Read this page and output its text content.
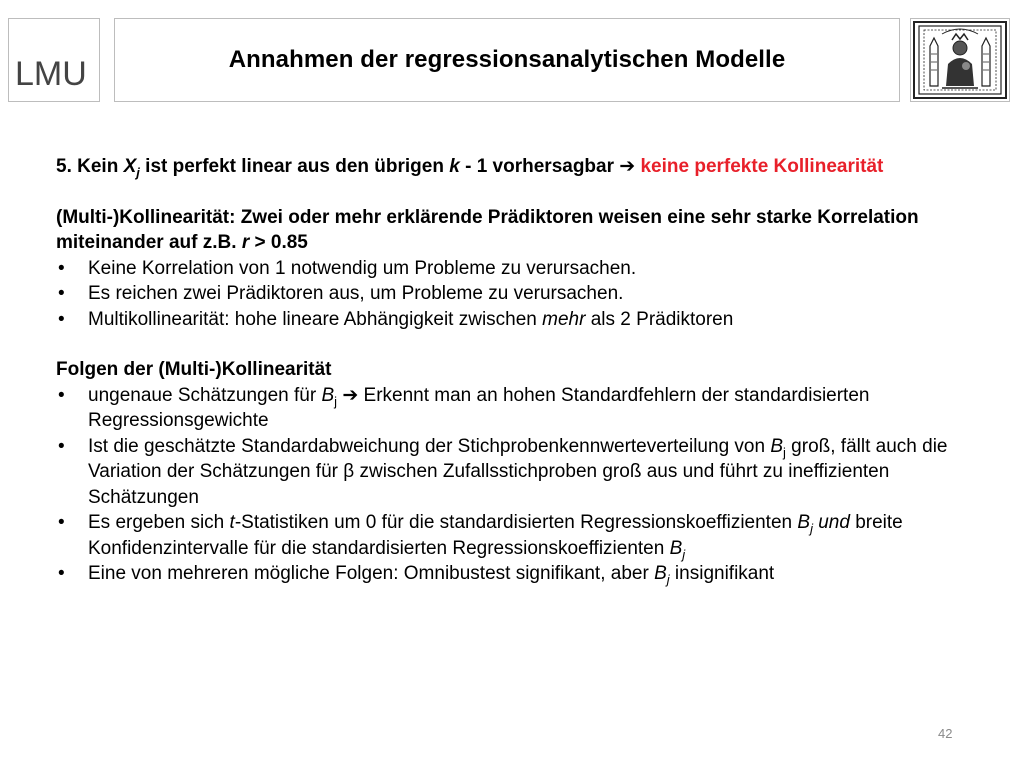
LMU	Annahmen der regressionsanalytischen Modelle

5. Kein $X_j$ ist perfekt linear aus den übrigen k - 1 vorhersagbar ➔ keine perfekte Kollinearität

(Multi-)Kollinearität: Zwei oder mehr erklärende Prädiktoren weisen eine sehr starke Korrelation miteinander auf z.B. r > 0.85

• Keine Korrelation von 1 notwendig um Probleme zu verursachen.
• Es reichen zwei Prädiktoren aus, um Probleme zu verursachen.
• Multikollinearität: hohe lineare Abhängigkeit zwischen mehr als 2 Prädiktoren

Folgen der (Multi-)Kollinearität

• ungenaue Schätzungen für $B_j$ ➔ Erkennt man an hohen Standardfehlern der standardisierten Regressionsgewichte
• Ist die geschätzte Standardabweichung der Stichprobenkennwerteverteilung von $B_j$ groß, fällt auch die Variation der Schätzungen für β zwischen Zufallsstichproben groß aus und führt zu ineffizienten Schätzungen
• Es ergeben sich t-Statistiken um 0 für die standardisierten Regressionskoeffizienten $B_j$ und breite Konfidenzintervalle für die standardisierten Regressionskoeffizienten $B_j$
• Eine von mehreren mögliche Folgen: Omnibustest signifikant, aber $B_j$ insignifikant
42
